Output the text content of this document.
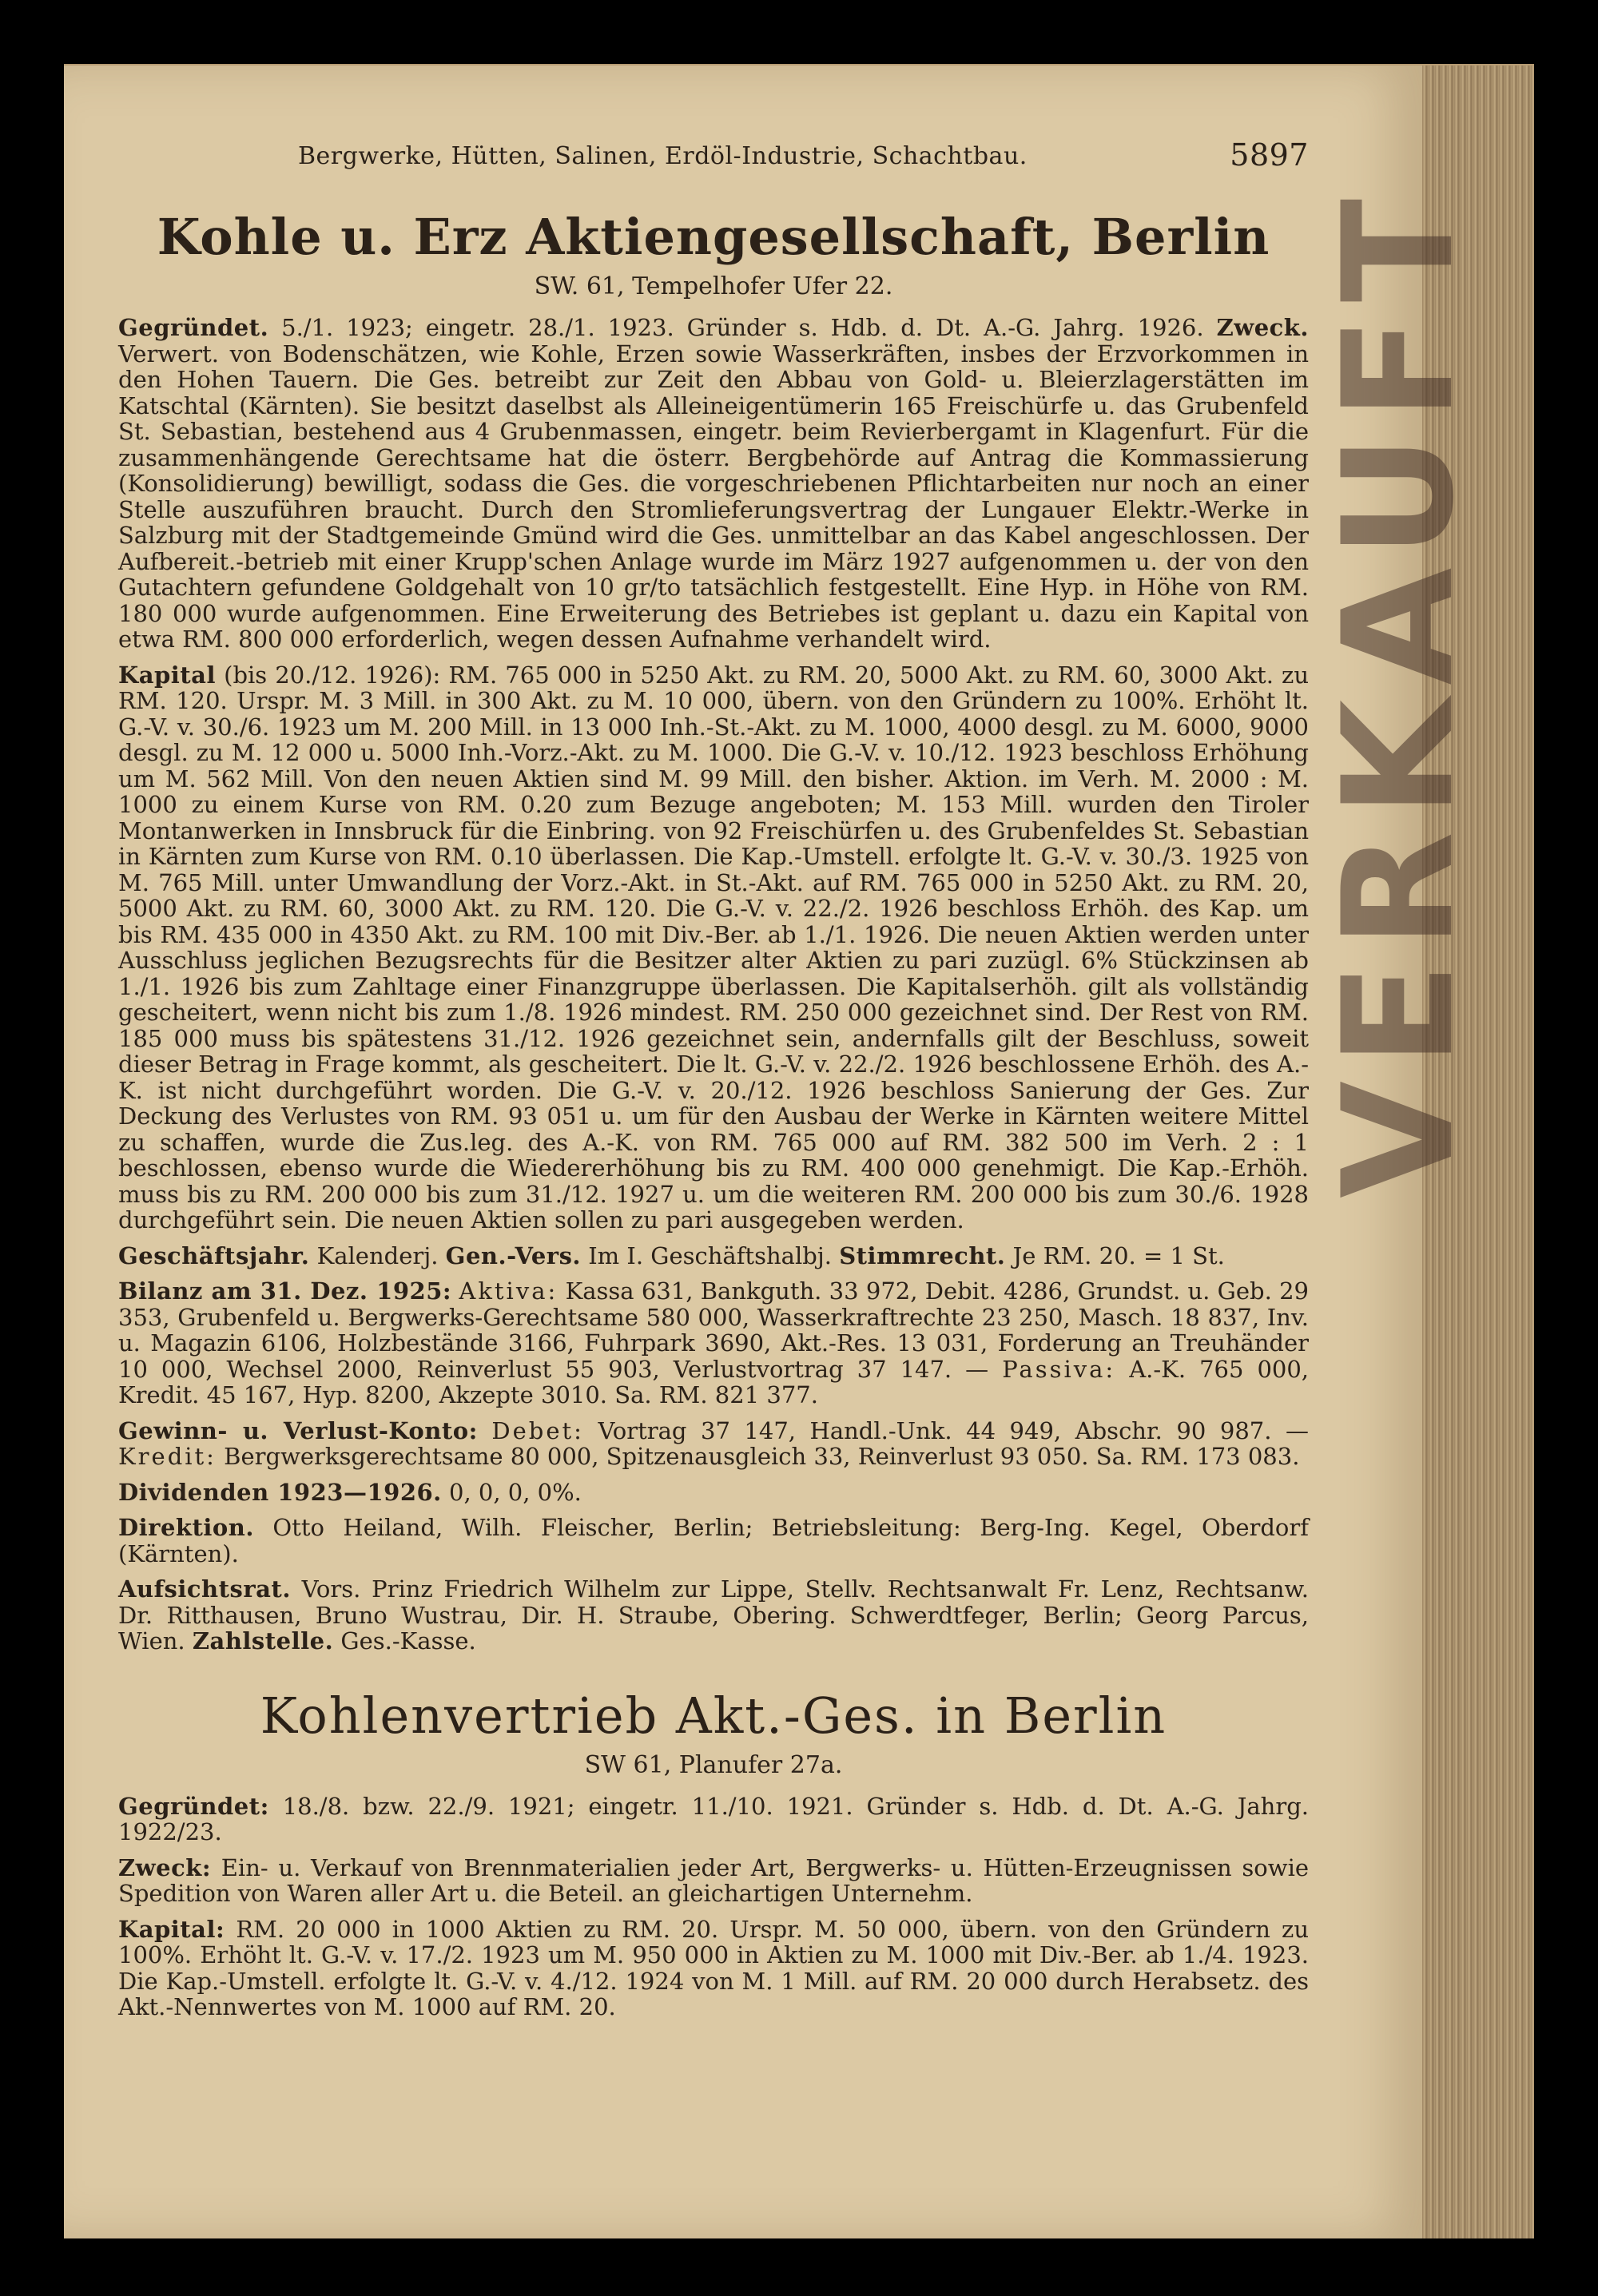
VERKAUFT
Bergwerke, Hütten, Salinen, Erdöl-Industrie, Schachtbau.	5897
Kohle u. Erz Aktiengesellschaft, Berlin
SW. 61, Tempelhofer Ufer 22.

Gegründet. 5./1. 1923; eingetr. 28./1. 1923. Gründer s. Hdb. d. Dt. A.-G. Jahrg. 1926. Zweck. Verwert. von Bodenschätzen, wie Kohle, Erzen sowie Wasserkräften, insbes der Erzvorkommen in den Hohen Tauern. Die Ges. betreibt zur Zeit den Abbau von Gold- u. Bleierzlagerstätten im Katschtal (Kärnten). Sie besitzt daselbst als Alleineigentümerin 165 Freischürfe u. das Grubenfeld St. Sebastian, bestehend aus 4 Grubenmassen, eingetr. beim Revierbergamt in Klagenfurt. Für die zusammenhängende Gerechtsame hat die österr. Bergbehörde auf Antrag die Kommassierung (Konsolidierung) bewilligt, sodass die Ges. die vorgeschriebenen Pflichtarbeiten nur noch an einer Stelle auszuführen braucht. Durch den Stromlieferungsvertrag der Lungauer Elektr.-Werke in Salzburg mit der Stadtgemeinde Gmünd wird die Ges. unmittelbar an das Kabel angeschlossen. Der Aufbereit.-betrieb mit einer Krupp'schen Anlage wurde im März 1927 aufgenommen u. der von den Gutachtern gefundene Goldgehalt von 10 gr/to tatsächlich festgestellt. Eine Hyp. in Höhe von RM. 180 000 wurde aufgenommen. Eine Erweiterung des Betriebes ist geplant u. dazu ein Kapital von etwa RM. 800 000 erforderlich, wegen dessen Aufnahme verhandelt wird.

Kapital (bis 20./12. 1926): RM. 765 000 in 5250 Akt. zu RM. 20, 5000 Akt. zu RM. 60, 3000 Akt. zu RM. 120. Urspr. M. 3 Mill. in 300 Akt. zu M. 10 000, übern. von den Gründern zu 100%. Erhöht lt. G.-V. v. 30./6. 1923 um M. 200 Mill. in 13 000 Inh.-St.-Akt. zu M. 1000, 4000 desgl. zu M. 6000, 9000 desgl. zu M. 12 000 u. 5000 Inh.-Vorz.-Akt. zu M. 1000. Die G.-V. v. 10./12. 1923 beschloss Erhöhung um M. 562 Mill. Von den neuen Aktien sind M. 99 Mill. den bisher. Aktion. im Verh. M. 2000 : M. 1000 zu einem Kurse von RM. 0.20 zum Bezuge angeboten; M. 153 Mill. wurden den Tiroler Montanwerken in Innsbruck für die Einbring. von 92 Freischürfen u. des Grubenfeldes St. Sebastian in Kärnten zum Kurse von RM. 0.10 überlassen. Die Kap.-Umstell. erfolgte lt. G.-V. v. 30./3. 1925 von M. 765 Mill. unter Umwandlung der Vorz.-Akt. in St.-Akt. auf RM. 765 000 in 5250 Akt. zu RM. 20, 5000 Akt. zu RM. 60, 3000 Akt. zu RM. 120. Die G.-V. v. 22./2. 1926 beschloss Erhöh. des Kap. um bis RM. 435 000 in 4350 Akt. zu RM. 100 mit Div.-Ber. ab 1./1. 1926. Die neuen Aktien werden unter Ausschluss jeglichen Bezugsrechts für die Besitzer alter Aktien zu pari zuzügl. 6% Stückzinsen ab 1./1. 1926 bis zum Zahltage einer Finanzgruppe überlassen. Die Kapitalserhöh. gilt als vollständig gescheitert, wenn nicht bis zum 1./8. 1926 mindest. RM. 250 000 gezeichnet sind. Der Rest von RM. 185 000 muss bis spätestens 31./12. 1926 gezeichnet sein, andernfalls gilt der Beschluss, soweit dieser Betrag in Frage kommt, als gescheitert. Die lt. G.-V. v. 22./2. 1926 beschlossene Erhöh. des A.-K. ist nicht durchgeführt worden. Die G.-V. v. 20./12. 1926 beschloss Sanierung der Ges. Zur Deckung des Verlustes von RM. 93 051 u. um für den Ausbau der Werke in Kärnten weitere Mittel zu schaffen, wurde die Zus.leg. des A.-K. von RM. 765 000 auf RM. 382 500 im Verh. 2 : 1 beschlossen, ebenso wurde die Wiedererhöhung bis zu RM. 400 000 genehmigt. Die Kap.-Erhöh. muss bis zu RM. 200 000 bis zum 31./12. 1927 u. um die weiteren RM. 200 000 bis zum 30./6. 1928 durchgeführt sein. Die neuen Aktien sollen zu pari ausgegeben werden.

Geschäftsjahr. Kalenderj. Gen.-Vers. Im I. Geschäftshalbj. Stimmrecht. Je RM. 20. = 1 St.

Bilanz am 31. Dez. 1925: Aktiva: Kassa 631, Bankguth. 33 972, Debit. 4286, Grundst. u. Geb. 29 353, Grubenfeld u. Bergwerks-Gerechtsame 580 000, Wasserkraftrechte 23 250, Masch. 18 837, Inv. u. Magazin 6106, Holzbestände 3166, Fuhrpark 3690, Akt.-Res. 13 031, Forderung an Treuhänder 10 000, Wechsel 2000, Reinverlust 55 903, Verlustvortrag 37 147. — Passiva: A.-K. 765 000, Kredit. 45 167, Hyp. 8200, Akzepte 3010. Sa. RM. 821 377.

Gewinn- u. Verlust-Konto: Debet: Vortrag 37 147, Handl.-Unk. 44 949, Abschr. 90 987. — Kredit: Bergwerksgerechtsame 80 000, Spitzenausgleich 33, Reinverlust 93 050. Sa. RM. 173 083.

Dividenden 1923—1926. 0, 0, 0, 0%.

Direktion. Otto Heiland, Wilh. Fleischer, Berlin; Betriebsleitung: Berg-Ing. Kegel, Oberdorf (Kärnten).

Aufsichtsrat. Vors. Prinz Friedrich Wilhelm zur Lippe, Stellv. Rechtsanwalt Fr. Lenz, Rechtsanw. Dr. Ritthausen, Bruno Wustrau, Dir. H. Straube, Obering. Schwerdtfeger, Berlin; Georg Parcus, Wien. Zahlstelle. Ges.-Kasse.

Kohlenvertrieb Akt.-Ges. in Berlin
SW 61, Planufer 27a.

Gegründet: 18./8. bzw. 22./9. 1921; eingetr. 11./10. 1921. Gründer s. Hdb. d. Dt. A.-G. Jahrg. 1922/23.

Zweck: Ein- u. Verkauf von Brennmaterialien jeder Art, Bergwerks- u. Hütten-Erzeugnissen sowie Spedition von Waren aller Art u. die Beteil. an gleichartigen Unternehm.

Kapital: RM. 20 000 in 1000 Aktien zu RM. 20. Urspr. M. 50 000, übern. von den Gründern zu 100%. Erhöht lt. G.-V. v. 17./2. 1923 um M. 950 000 in Aktien zu M. 1000 mit Div.-Ber. ab 1./4. 1923. Die Kap.-Umstell. erfolgte lt. G.-V. v. 4./12. 1924 von M. 1 Mill. auf RM. 20 000 durch Herabsetz. des Akt.-Nennwertes von M. 1000 auf RM. 20.
